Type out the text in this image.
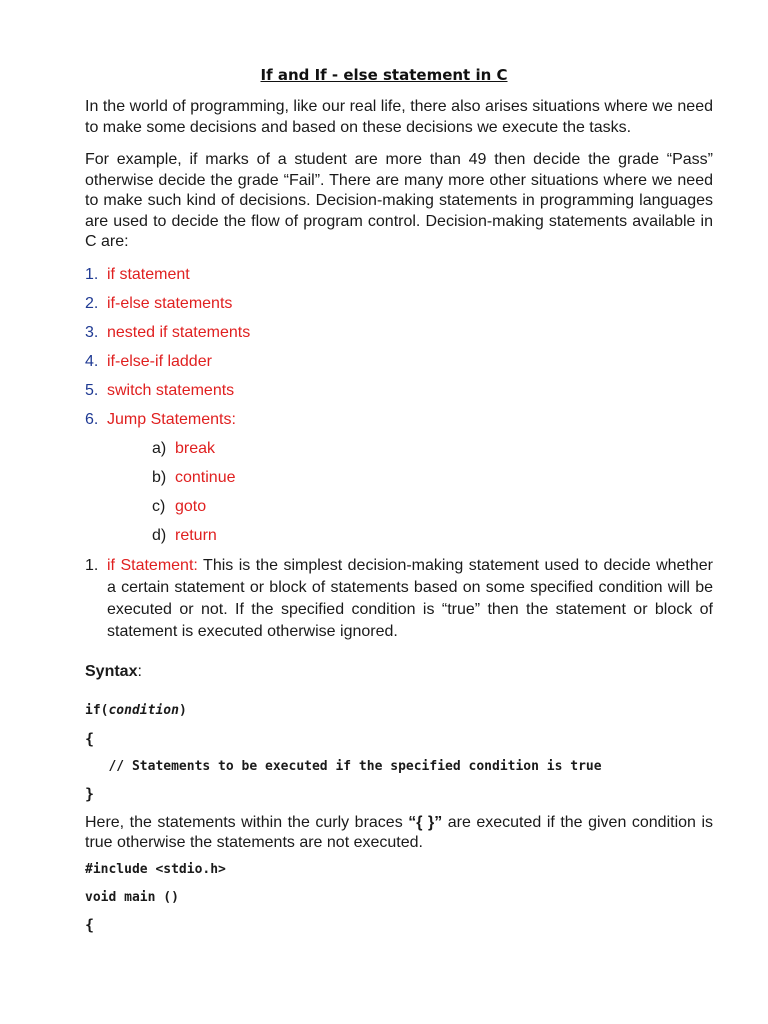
If and If - else statement in C
In the world of programming, like our real life, there also arises situations where we need to make some decisions and based on these decisions we execute the tasks.
For example, if marks of a student are more than 49 then decide the grade “Pass” otherwise decide the grade “Fail”. There are many more other situations where we need to make such kind of decisions. Decision-making statements in programming languages are used to decide the flow of program control. Decision-making statements available in C are:
1. if statement
2. if-else statements
3. nested if statements
4. if-else-if ladder
5. switch statements
6. Jump Statements:
a) break
b) continue
c) goto
d) return
1. if Statement: This is the simplest decision-making statement used to decide whether a certain statement or block of statements based on some specified condition will be executed or not. If the specified condition is “true” then the statement or block of statement is executed otherwise ignored.
Syntax:
if(condition)
{
// Statements to be executed if the specified condition is true
}
Here, the statements within the curly braces “{ }” are executed if the given condition is true otherwise the statements are not executed.
#include <stdio.h>
void main ()
{
